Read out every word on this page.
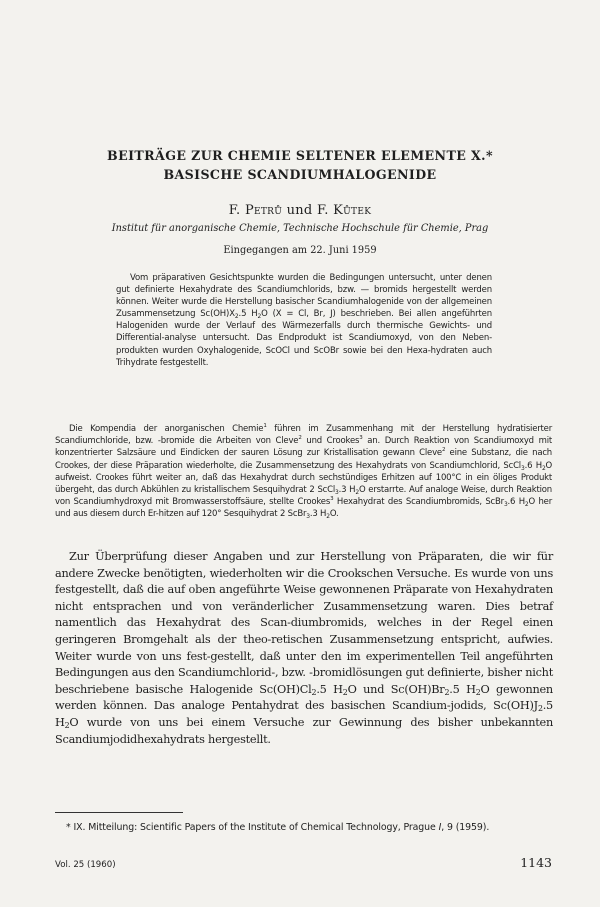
BEITRÄGE ZUR CHEMIE SELTENER ELEMENTE X.*
BASISCHE SCANDIUMHALOGENIDE
F. Petrů und F. Kůtek
Institut für anorganische Chemie, Technische Hochschule für Chemie, Prag
Eingegangen am 22. Juni 1959
Vom präparativen Gesichtspunkte wurden die Bedingungen untersucht, unter denen gut definierte Hexahydrate des Scandiumchlorids, bzw. — bromids hergestellt werden können. Weiter wurde die Herstellung basischer Scandiumhalogenide von der allgemeinen Zusammensetzung $Sc(OH)X_2.5$ $H_2O$ (X = Cl, Br, J) beschrieben. Bei allen angeführten Halogeniden wurde der Verlauf des Wärmezerfalls durch thermische Gewichts- und Differential-analyse untersucht. Das Endprodukt ist Scandiumoxyd, von den Neben-produkten wurden Oxyhalogenide, ScOCl und ScOBr sowie bei den Hexa-hydraten auch Trihydrate festgestellt.
Die Kompendia der anorganischen Chemie$^1$ führen im Zusammenhang mit der Herstellung hydratisierter Scandiumchloride, bzw. -bromide die Arbeiten von Cleve$^2$ und Crookes$^3$ an. Durch Reaktion von Scandiumoxyd mit konzentrierter Salzsäure und Eindicken der sauren Lösung zur Kristallisation gewann Cleve$^2$ eine Substanz, die nach Crookes, der diese Präparation wiederholte, die Zusammensetzung des Hexahydrats von Scandiumchlorid, ScCl$_3$.6 $H_2O$ aufweist. Crookes führt weiter an, daß das Hexahydrat durch sechstündiges Erhitzen auf 100°C in ein öliges Produkt übergeht, das durch Abkühlen zu kristallischem Sesquihydrat 2 ScCl$_3$.3 $H_2O$ erstarrte. Auf analoge Weise, durch Reaktion von Scandiumhydroxyd mit Bromwasserstoffsäure, stellte Crookes$^3$ Hexahydrat des Scandiumbromids, ScBr$_3$.6 $H_2O$ her und aus diesem durch Er-hitzen auf 120° Sesquihydrat 2 ScBr$_3$.3 $H_2O$.
Zur Überprüfung dieser Angaben und zur Herstellung von Präparaten, die wir für andere Zwecke benötigten, wiederholten wir die Crookschen Versuche. Es wurde von uns festgestellt, daß die auf oben angeführte Weise gewonnenen Präparate von Hexahydraten nicht entsprachen und von veränderlicher Zusammensetzung waren. Dies betraf namentlich das Hexahydrat des Scan-diumbromids, welches in der Regel einen geringeren Bromgehalt als der theo-retischen Zusammensetzung entspricht, aufwies. Weiter wurde von uns fest-gestellt, daß unter den im experimentellen Teil angeführten Bedingungen aus den Scandiumchlorid-, bzw. -bromidlösungen gut definierte, bisher nicht beschriebene basische Halogenide $Sc(OH)Cl_2.5$ $H_2O$ und $Sc(OH)Br_2.5$ $H_2O$ gewonnen werden können. Das analoge Pentahydrat des basischen Scandium-jodids, $Sc(OH)J_2.5$ $H_2O$ wurde von uns bei einem Versuche zur Gewinnung des bisher unbekannten Scandiumjodidhexahydrats hergestellt.
* IX. Mitteilung: Scientific Papers of the Institute of Chemical Technology, Prague I, 9 (1959).
Vol. 25 (1960)	1143
